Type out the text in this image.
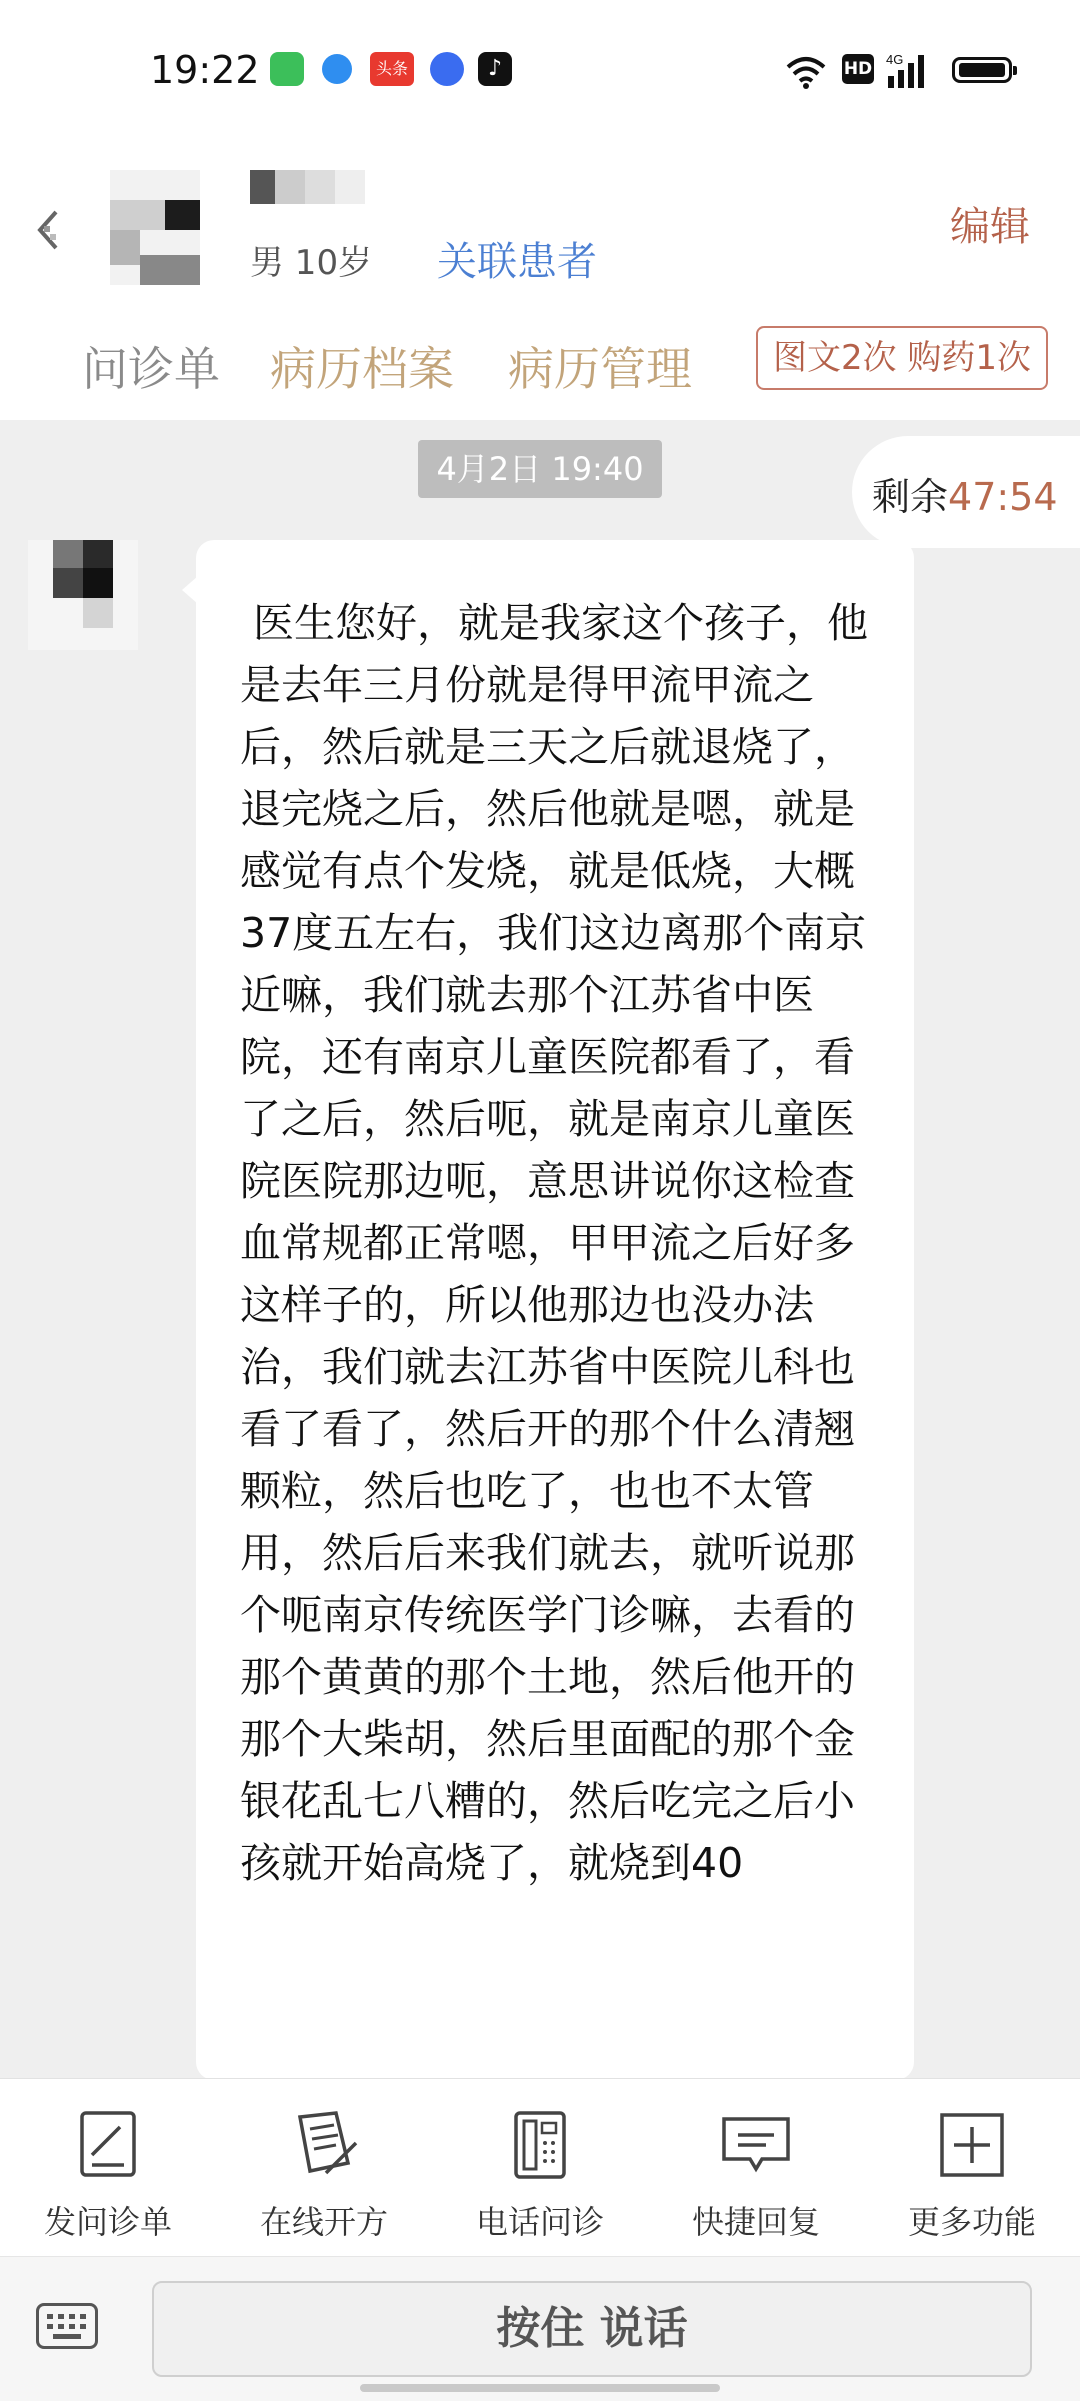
19:22	头条	♪	HD 4G
男 10岁 关联患者
编辑
问诊单 病历档案 病历管理	图文2次 购药1次
4月2日 19:40
剩余47:54
医生您好，就是我家这个孩子，他是去年三月份就是得甲流甲流之后，然后就是三天之后就退烧了，退完烧之后，然后他就是嗯，就是感觉有点个发烧，就是低烧，大概37度五左右，我们这边离那个南京近嘛，我们就去那个江苏省中医院，还有南京儿童医院都看了，看了之后，然后呃，就是南京儿童医院医院那边呃，意思讲说你这检查血常规都正常嗯，甲甲流之后好多这样子的，所以他那边也没办法治，我们就去江苏省中医院儿科也看了看了，然后开的那个什么清翘颗粒，然后也吃了，也也不太管用，然后后来我们就去，就听说那个呃南京传统医学门诊嘛，去看的那个黄黄的那个土地，然后他开的那个大柴胡，然后里面配的那个金银花乱七八糟的，然后吃完之后小孩就开始高烧了，就烧到40
发问诊单	在线开方	电话问诊	快捷回复	更多功能
按住 说话
